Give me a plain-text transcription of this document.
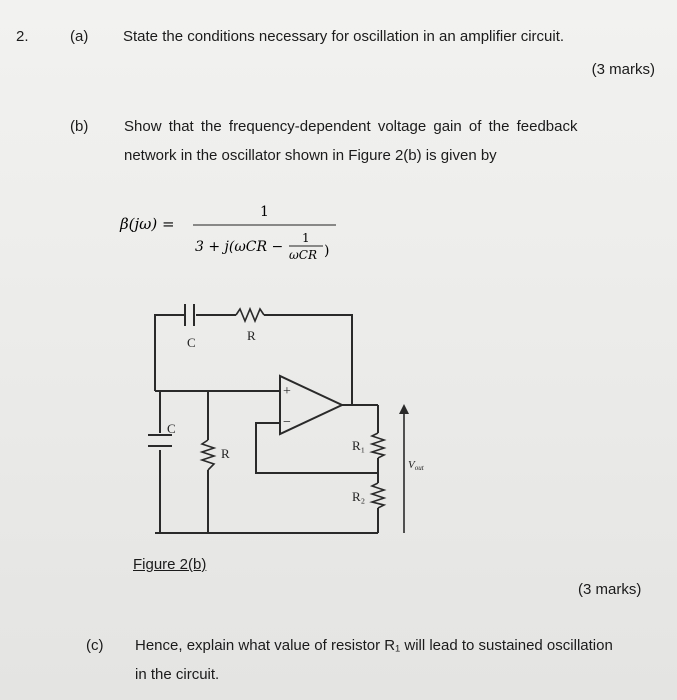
2.	(a) State the conditions necessary for oscillation in an amplifier circuit.
(3 marks)
(b) Show that the frequency-dependent voltage gain of the feedback
network in the oscillator shown in Figure 2(b) is given by
β(jω) =
1
3 + j(ωCR −
1
ωCR )
C	R
C
R
R₁
R₂
+
−
Vout
Figure 2(b)
(3 marks)
(c) Hence, explain what value of resistor R₁ will lead to sustained oscillation
in the circuit.
